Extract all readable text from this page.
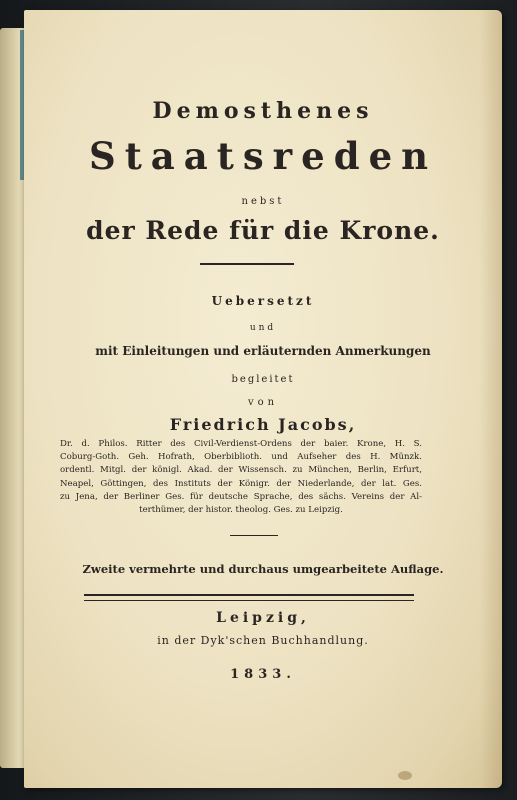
Demosthenes
Staatsreden
nebst
der Rede für die Krone.
Uebersetzt
und
mit Einleitungen und erläuternden Anmerkungen
begleitet
von
Friedrich Jacobs,
Dr. d. Philos. Ritter des Civil-Verdienst-Ordens der baier. Krone, H. S.
Coburg-Goth. Geh. Hofrath, Oberbiblioth. und Aufseher des H. Münzk.
ordentl. Mitgl. der königl. Akad. der Wissensch. zu München, Berlin, Erfurt,
Neapel, Göttingen, des Instituts der Königr. der Niederlande, der lat. Ges.
zu Jena, der Berliner Ges. für deutsche Sprache, des sächs. Vereins der Al-
terthümer, der histor. theolog. Ges. zu Leipzig.
Zweite vermehrte und durchaus umgearbeitete Auflage.
Leipzig,
in der Dyk'schen Buchhandlung.
1833.
